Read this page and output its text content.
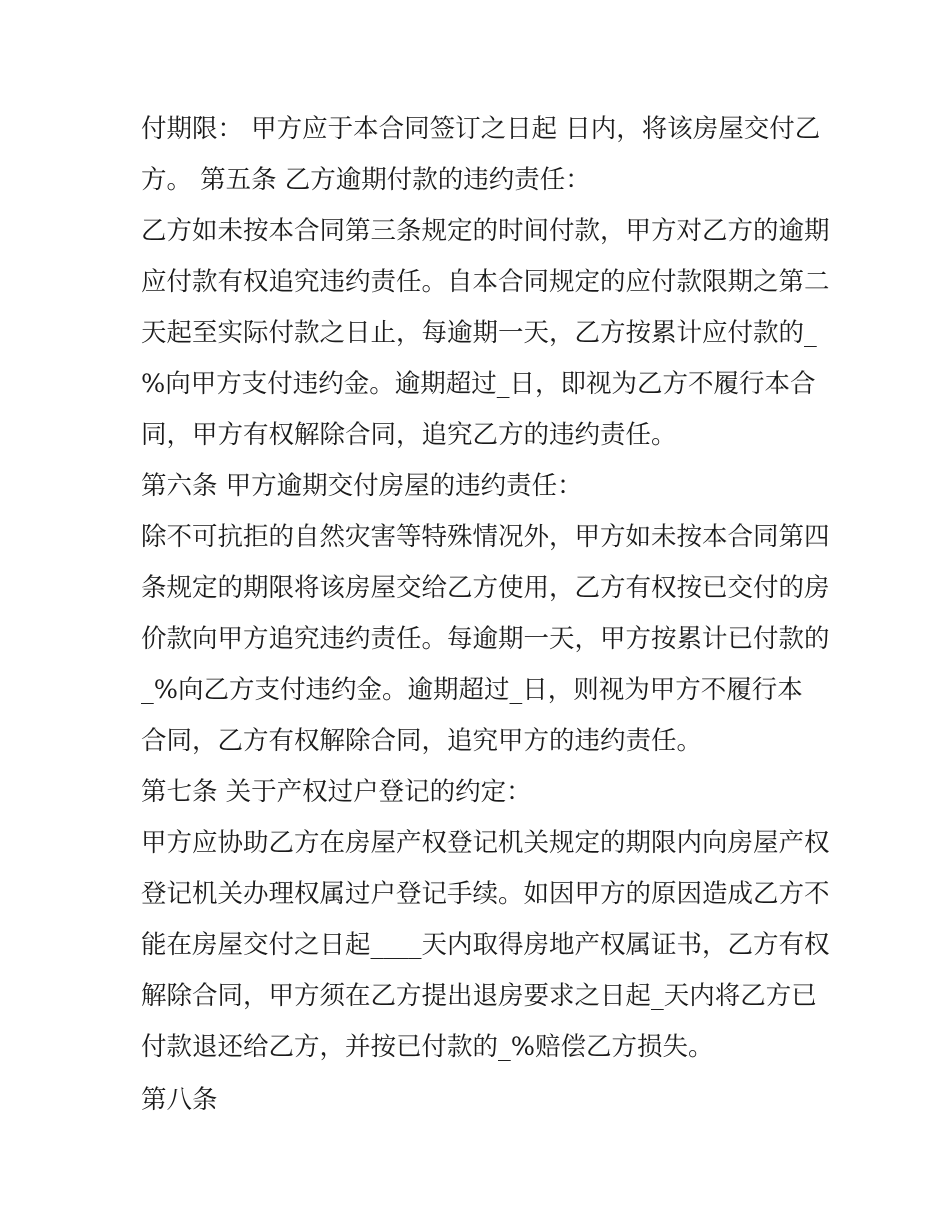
付期限： 甲方应于本合同签订之日起 日内，将该房屋交付乙
方。 第五条 乙方逾期付款的违约责任：
乙方如未按本合同第三条规定的时间付款，甲方对乙方的逾期
应付款有权追究违约责任。自本合同规定的应付款限期之第二
天起至实际付款之日止，每逾期一天，乙方按累计应付款的_
%向甲方支付违约金。逾期超过_日，即视为乙方不履行本合
同，甲方有权解除合同，追究乙方的违约责任。
第六条 甲方逾期交付房屋的违约责任：
除不可抗拒的自然灾害等特殊情况外，甲方如未按本合同第四
条规定的期限将该房屋交给乙方使用，乙方有权按已交付的房
价款向甲方追究违约责任。每逾期一天，甲方按累计已付款的
_%向乙方支付违约金。逾期超过_日，则视为甲方不履行本
合同，乙方有权解除合同，追究甲方的违约责任。
第七条 关于产权过户登记的约定：
甲方应协助乙方在房屋产权登记机关规定的期限内向房屋产权
登记机关办理权属过户登记手续。如因甲方的原因造成乙方不
能在房屋交付之日起____天内取得房地产权属证书，乙方有权
解除合同，甲方须在乙方提出退房要求之日起_天内将乙方已
付款退还给乙方，并按已付款的_%赔偿乙方损失。
第八条
